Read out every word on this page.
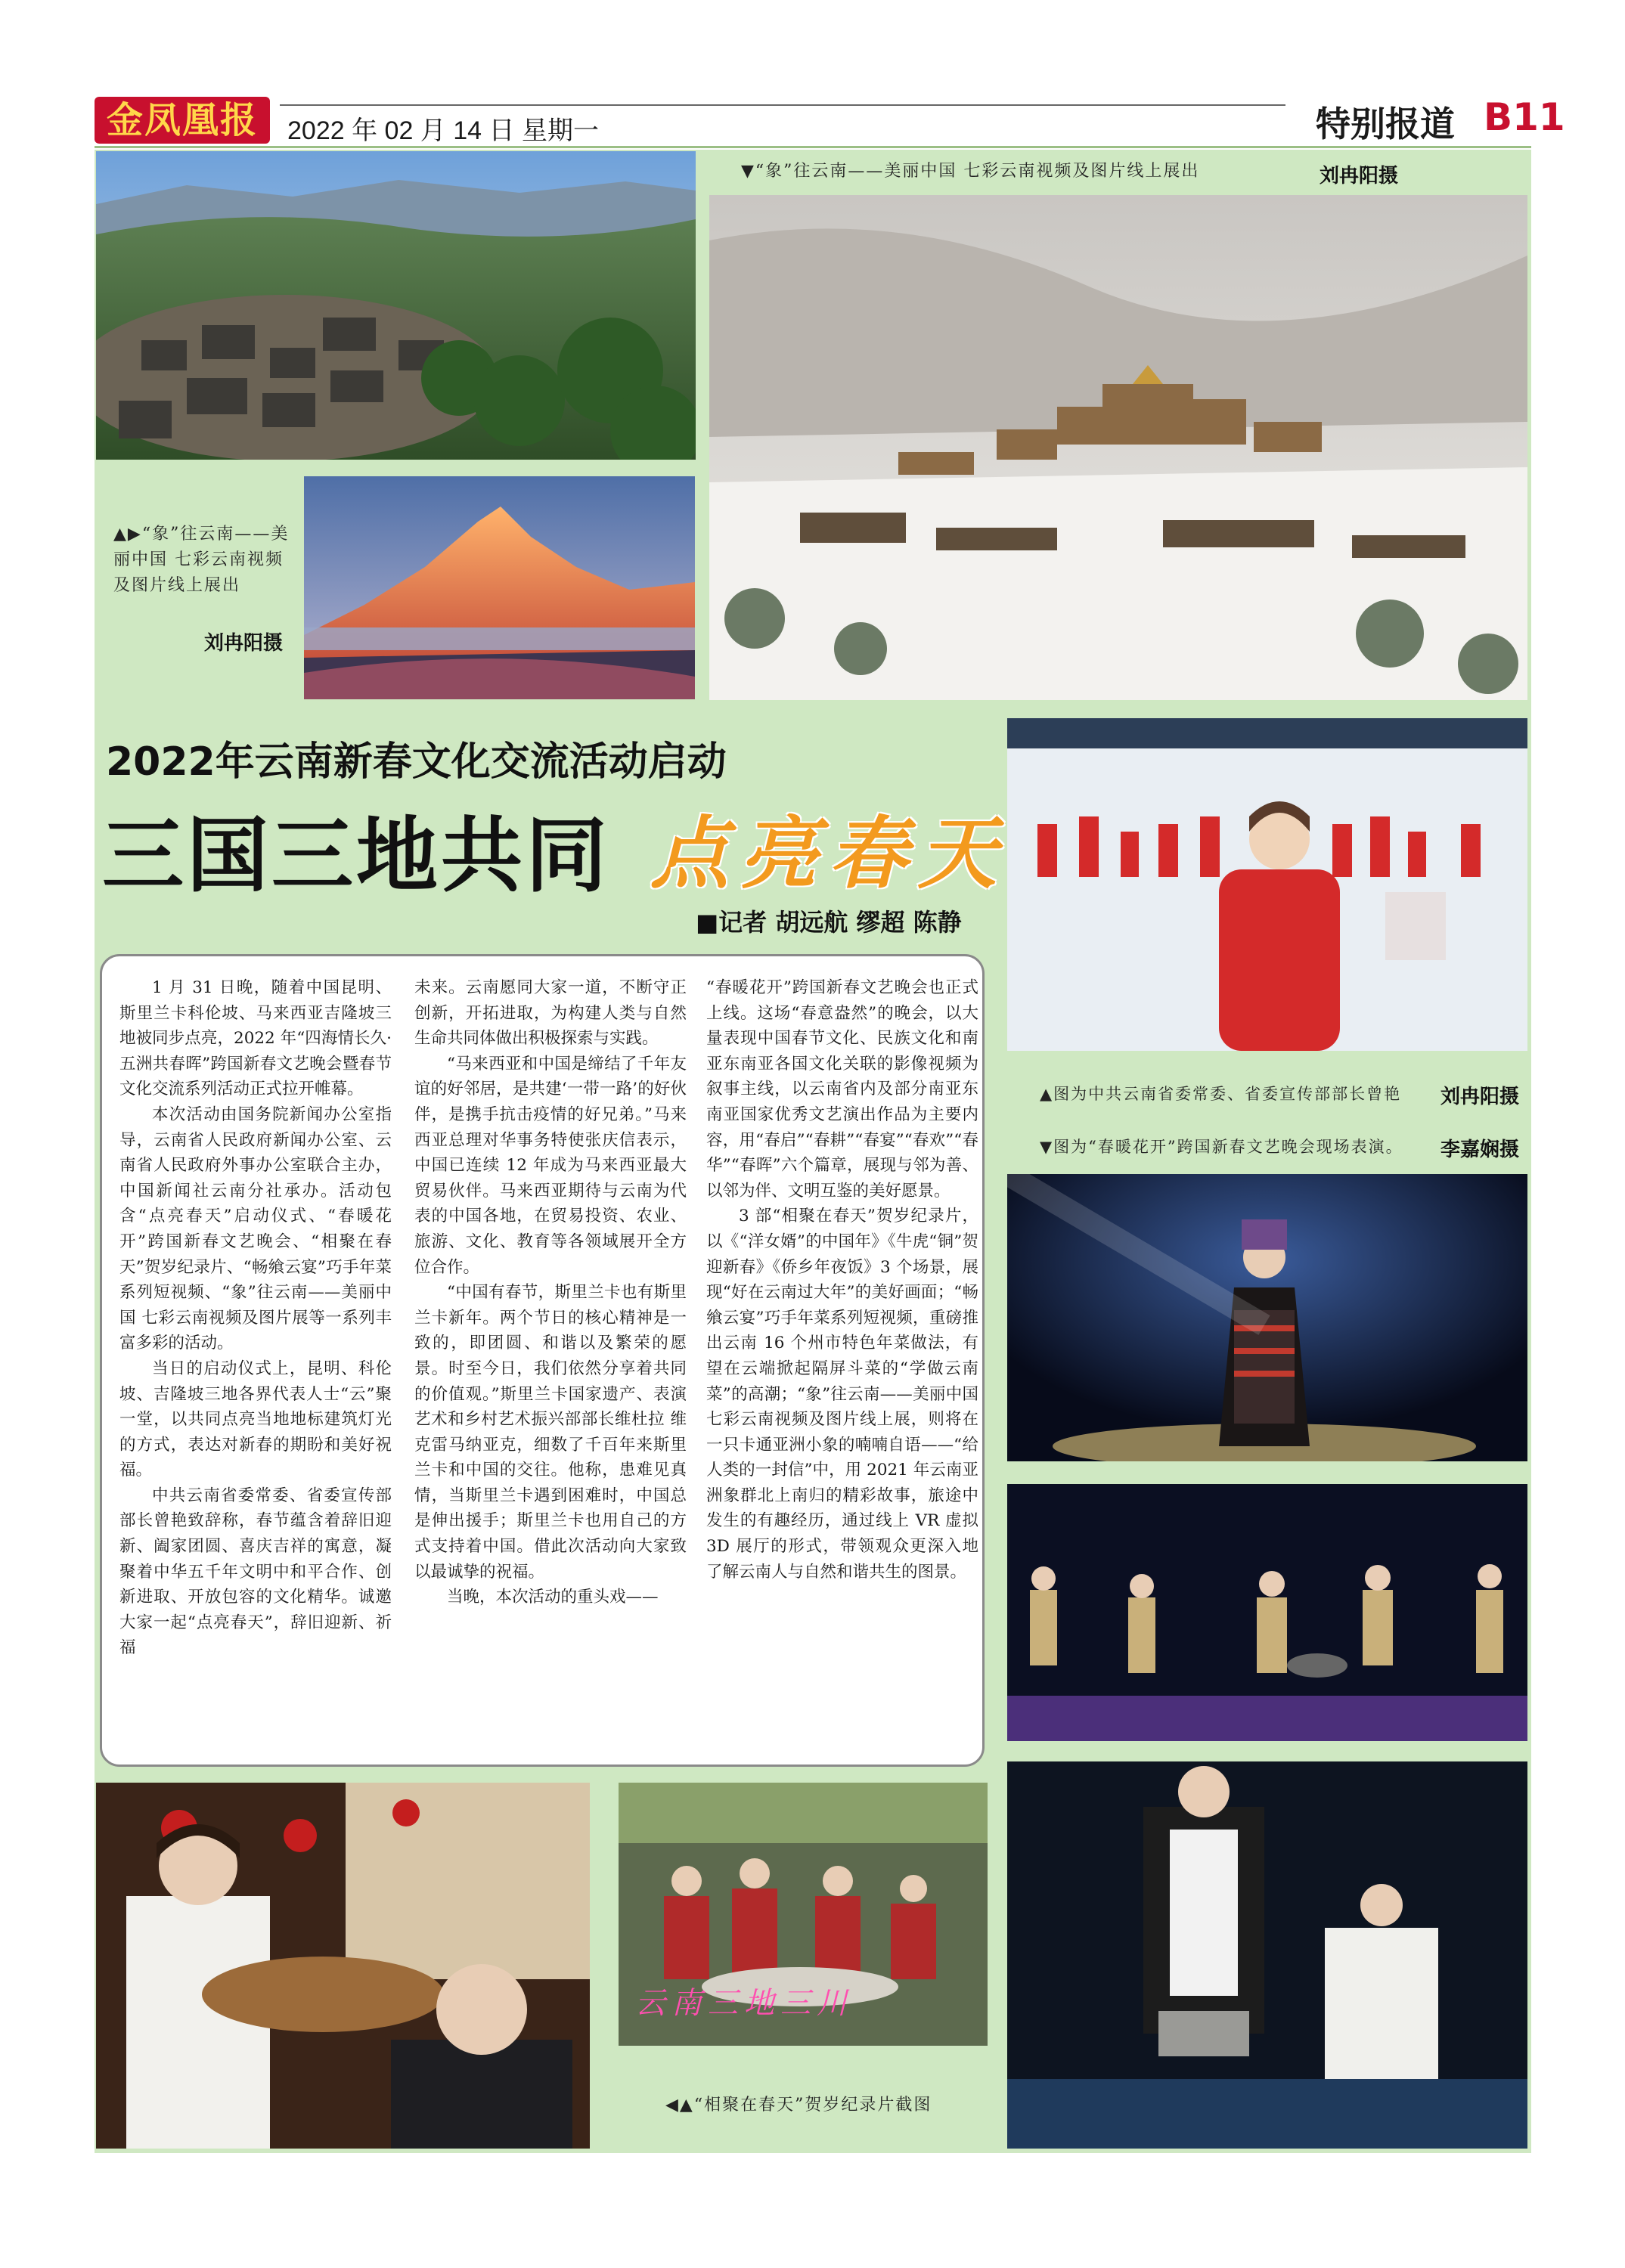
金凤凰报	2022 年 02 月 14 日 星期一	特别报道 B11
▼“象”往云南——美丽中国 七彩云南视频及图片线上展出	刘冉阳摄
▲▶“象”往云南——美丽中国 七彩云南视频及图片线上展出
刘冉阳摄
2022年云南新春文化交流活动启动
三国三地共同 点亮春天
■记者 胡远航 缪超 陈静

1 月 31 日晚，随着中国昆明、斯里兰卡科伦坡、马来西亚吉隆坡三地被同步点亮，2022 年“四海情长久·五洲共春晖”跨国新春文艺晚会暨春节文化交流系列活动正式拉开帷幕。

本次活动由国务院新闻办公室指导，云南省人民政府新闻办公室、云南省人民政府外事办公室联合主办，中国新闻社云南分社承办。活动包含“点亮春天”启动仪式、“春暖花开”跨国新春文艺晚会、“相聚在春天”贺岁纪录片、“畅飨云宴”巧手年菜系列短视频、“象”往云南——美丽中国 七彩云南视频及图片展等一系列丰富多彩的活动。

当日的启动仪式上，昆明、科伦坡、吉隆坡三地各界代表人士“云”聚一堂，以共同点亮当地地标建筑灯光的方式，表达对新春的期盼和美好祝福。

中共云南省委常委、省委宣传部部长曾艳致辞称，春节蕴含着辞旧迎新、阖家团圆、喜庆吉祥的寓意，凝聚着中华五千年文明中和平合作、创新进取、开放包容的文化精华。诚邀大家一起“点亮春天”，辞旧迎新、祈福

未来。云南愿同大家一道，不断守正创新，开拓进取，为构建人类与自然生命共同体做出积极探索与实践。

“马来西亚和中国是缔结了千年友谊的好邻居，是共建‘一带一路’的好伙伴，是携手抗击疫情的好兄弟。”马来西亚总理对华事务特使张庆信表示，中国已连续 12 年成为马来西亚最大贸易伙伴。马来西亚期待与云南为代表的中国各地，在贸易投资、农业、旅游、文化、教育等各领域展开全方位合作。

“中国有春节，斯里兰卡也有斯里兰卡新年。两个节日的核心精神是一致的，即团圆、和谐以及繁荣的愿景。时至今日，我们依然分享着共同的价值观。”斯里兰卡国家遗产、表演艺术和乡村艺术振兴部部长维杜拉 维克雷马纳亚克，细数了千百年来斯里兰卡和中国的交往。他称，患难见真情，当斯里兰卡遇到困难时，中国总是伸出援手；斯里兰卡也用自己的方式支持着中国。借此次活动向大家致以最诚挚的祝福。

当晚，本次活动的重头戏——

“春暖花开”跨国新春文艺晚会也正式上线。这场“春意盎然”的晚会，以大量表现中国春节文化、民族文化和南亚东南亚各国文化关联的影像视频为叙事主线，以云南省内及部分南亚东南亚国家优秀文艺演出作品为主要内容，用“春启”“春耕”“春宴”“春欢”“春华”“春晖”六个篇章，展现与邻为善、以邻为伴、文明互鉴的美好愿景。

3 部“相聚在春天”贺岁纪录片，以《“洋女婿”的中国年》《牛虎“铜”贺迎新春》《侨乡年夜饭》3 个场景，展现“好在云南过大年”的美好画面；“畅飨云宴”巧手年菜系列短视频，重磅推出云南 16 个州市特色年菜做法，有望在云端掀起隔屏斗菜的“学做云南菜”的高潮；“象”往云南——美丽中国 七彩云南视频及图片线上展，则将在一只卡通亚洲小象的喃喃自语——“给人类的一封信”中，用 2021 年云南亚洲象群北上南归的精彩故事，旅途中发生的有趣经历，通过线上 VR 虚拟 3D 展厅的形式，带领观众更深入地了解云南人与自然和谐共生的图景。

▲图为中共云南省委常委、省委宣传部部长曾艳	刘冉阳摄
▼图为“春暖花开”跨国新春文艺晚会现场表演。	李嘉娴摄
云南三地三川
◀▲“相聚在春天”贺岁纪录片截图
